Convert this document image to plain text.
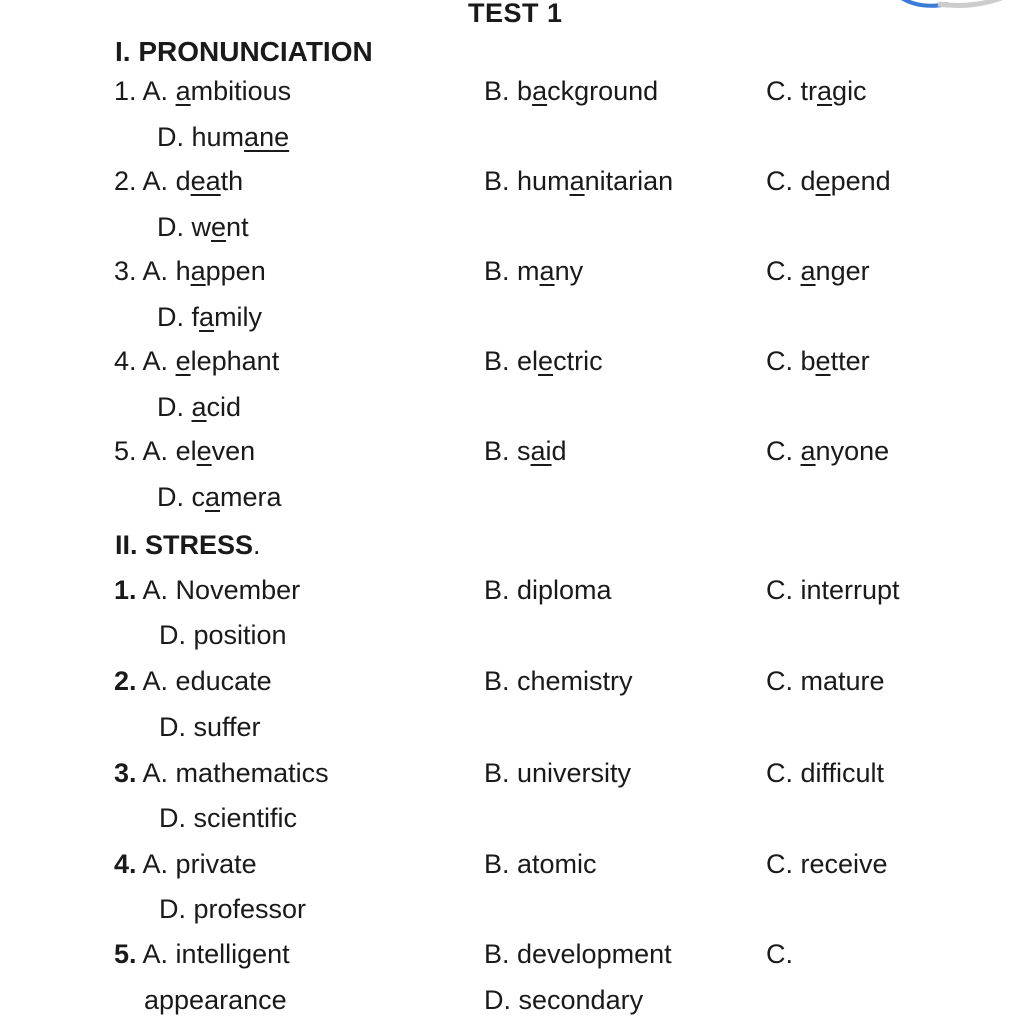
TEST 1
I. PRONUNCIATION
1. A. ambitious	B. background	C. tragic
D. humane
2. A. death	B. humanitarian	C. depend
D. went
3. A. happen	B. many	C. anger
D. family
4. A. elephant	B. electric	C. better
D. acid
5. A. eleven	B. said	C. anyone
D. camera
II. STRESS.
1. A. November	B. diploma	C. interrupt
D. position
2. A. educate	B. chemistry	C. mature
D. suffer
3. A. mathematics	B. university	C. difficult
D. scientific
4. A. private	B. atomic	C. receive
D. professor
5. A. intelligent	B. development	C.
appearance	D. secondary
